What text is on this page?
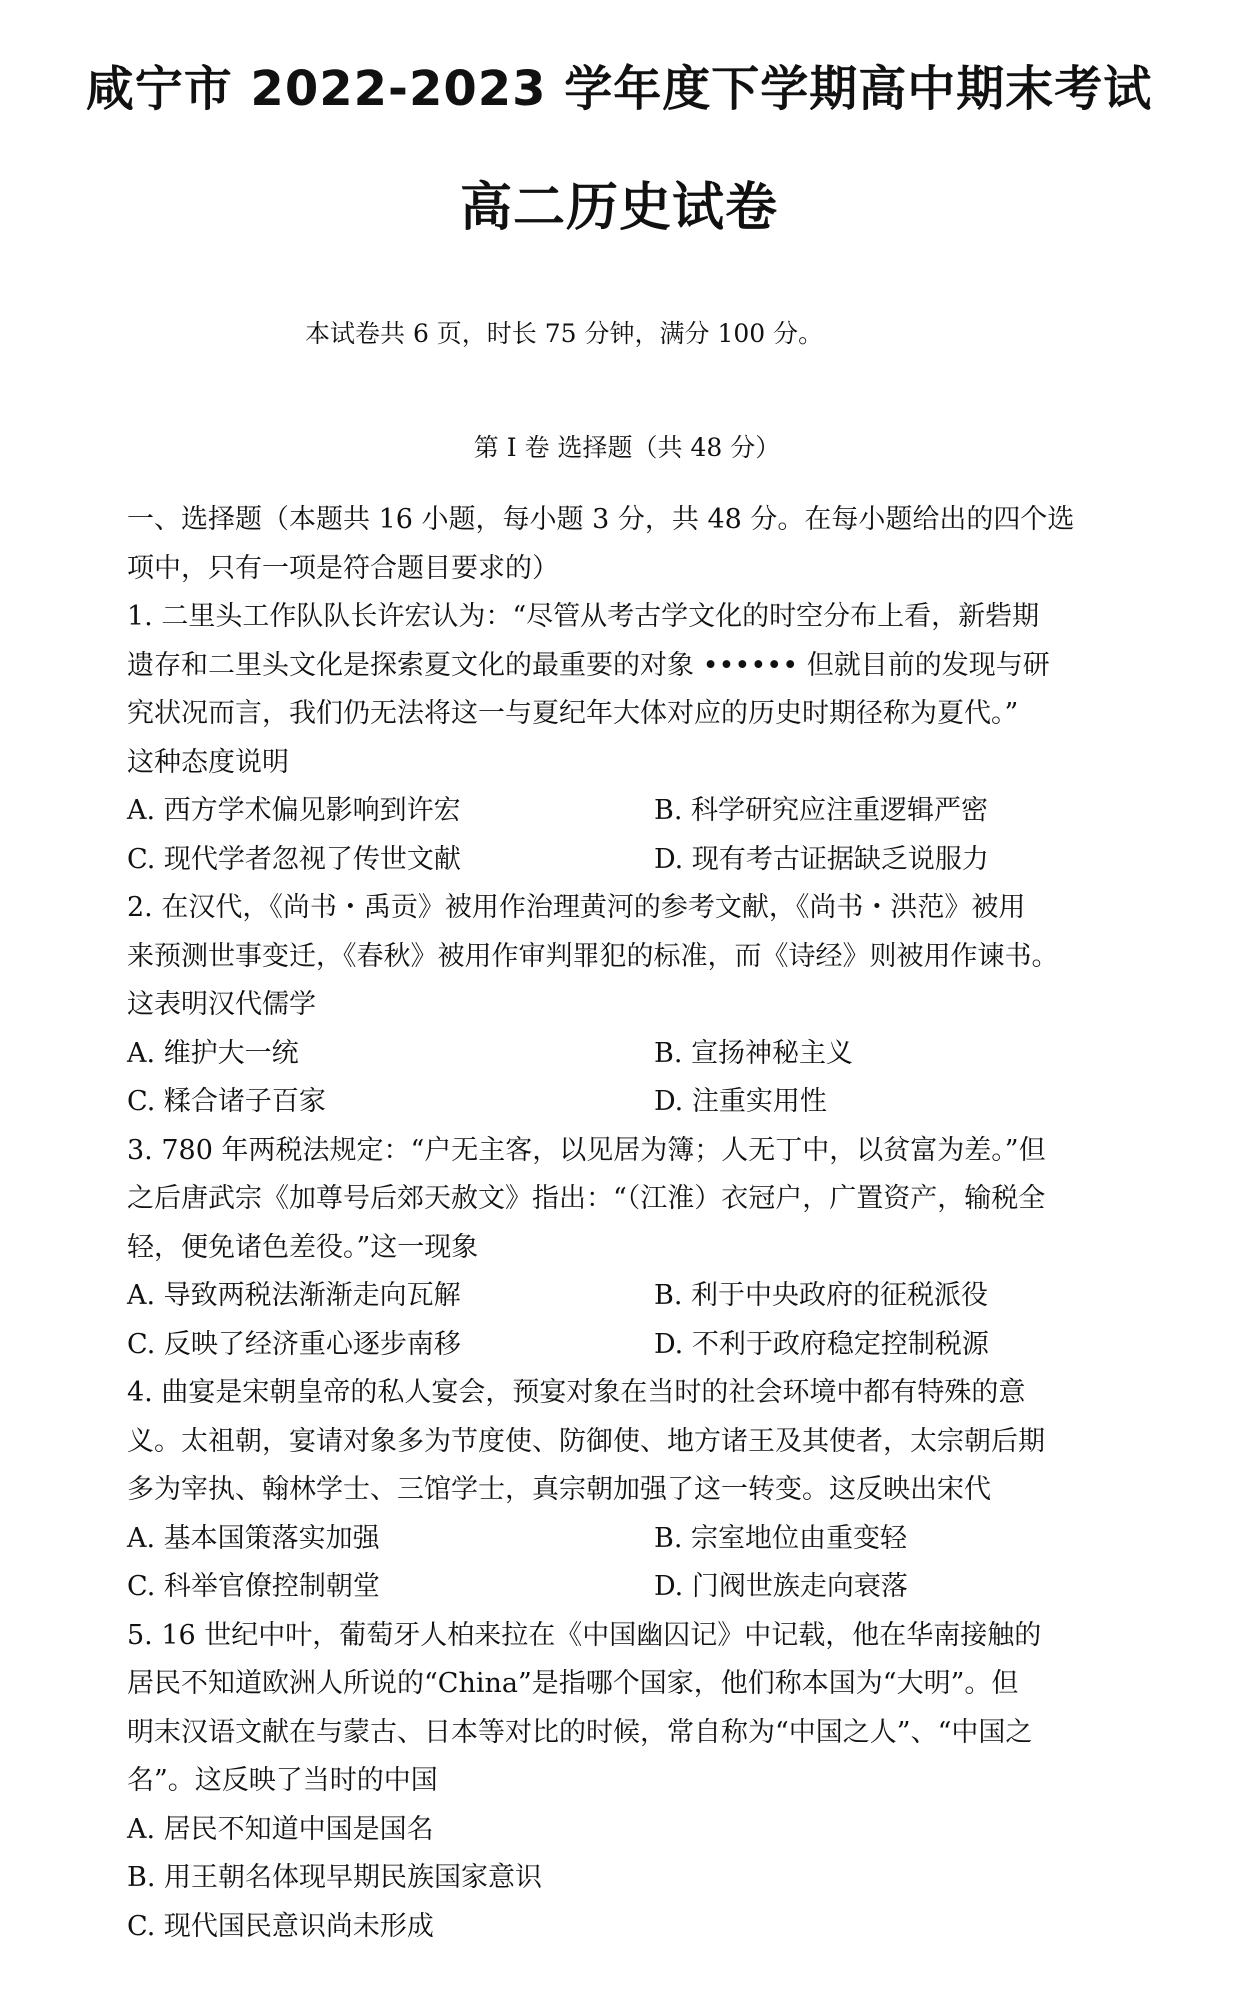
咸宁市 2022-2023 学年度下学期高中期末考试
高二历史试卷
本试卷共 6 页，时长 75 分钟，满分 100 分。
第 I 卷 选择题（共 48 分）
一、选择题（本题共 16 小题，每小题 3 分，共 48 分。在每小题给出的四个选
项中，只有一项是符合题目要求的）
1. 二里头工作队队长许宏认为：“尽管从考古学文化的时空分布上看，新砦期
遗存和二里头文化是探索夏文化的最重要的对象 •••••• 但就目前的发现与研
究状况而言，我们仍无法将这一与夏纪年大体对应的历史时期径称为夏代。”
这种态度说明
A. 西方学术偏见影响到许宏	B. 科学研究应注重逻辑严密
C. 现代学者忽视了传世文献	D. 现有考古证据缺乏说服力
2. 在汉代，《尚书・禹贡》被用作治理黄河的参考文献，《尚书・洪范》被用
来预测世事变迁，《春秋》被用作审判罪犯的标准，而《诗经》则被用作谏书。
这表明汉代儒学
A. 维护大一统	B. 宣扬神秘主义
C. 糅合诸子百家	D. 注重实用性
3. 780 年两税法规定：“户无主客，以见居为簿；人无丁中，以贫富为差。”但
之后唐武宗《加尊号后郊天赦文》指出：“（江淮）衣冠户，广置资产，输税全
轻，便免诸色差役。”这一现象
A. 导致两税法渐渐走向瓦解	B. 利于中央政府的征税派役
C. 反映了经济重心逐步南移	D. 不利于政府稳定控制税源
4. 曲宴是宋朝皇帝的私人宴会，预宴对象在当时的社会环境中都有特殊的意
义。太祖朝，宴请对象多为节度使、防御使、地方诸王及其使者，太宗朝后期
多为宰执、翰林学士、三馆学士，真宗朝加强了这一转变。这反映出宋代
A. 基本国策落实加强	B. 宗室地位由重变轻
C. 科举官僚控制朝堂	D. 门阀世族走向衰落
5. 16 世纪中叶，葡萄牙人柏来拉在《中国幽囚记》中记载，他在华南接触的
居民不知道欧洲人所说的“China”是指哪个国家，他们称本国为“大明”。但
明末汉语文献在与蒙古、日本等对比的时候，常自称为“中国之人”、“中国之
名”。这反映了当时的中国
A. 居民不知道中国是国名
B. 用王朝名体现早期民族国家意识
C. 现代国民意识尚未形成
